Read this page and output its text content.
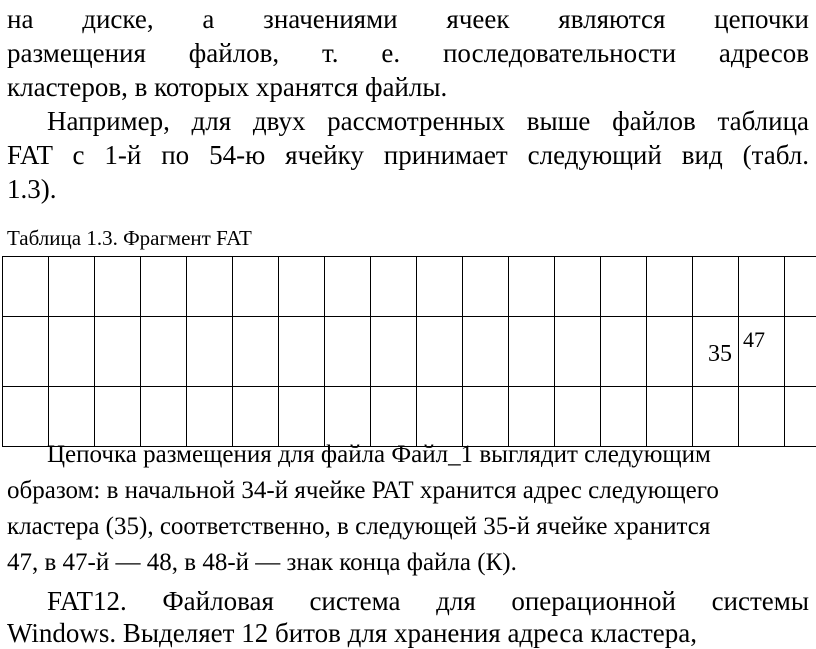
на диске, а значениями ячеек являются цепочки
размещения файлов, т. е. последовательности адресов
кластеров, в которых хранятся файлы.
Например, для двух рассмотренных выше файлов таблица
FAT с 1-й по 54-ю ячейку принимает следующий вид (табл.
1.3).
Таблица 1.3. Фрагмент FAT

															35	47	

Цепочка размещения для файла Файл_1 выглядит следующим
образом: в начальной 34-й ячейке РАТ хранится адрес следующего
кластера (35), соответственно, в следующей 35-й ячейке хранится
47, в 47-й — 48, в 48-й — знак конца файла (К).
FAT12. Файловая система для операционной системы
Windows. Выделяет 12 битов для хранения адреса кластера,
